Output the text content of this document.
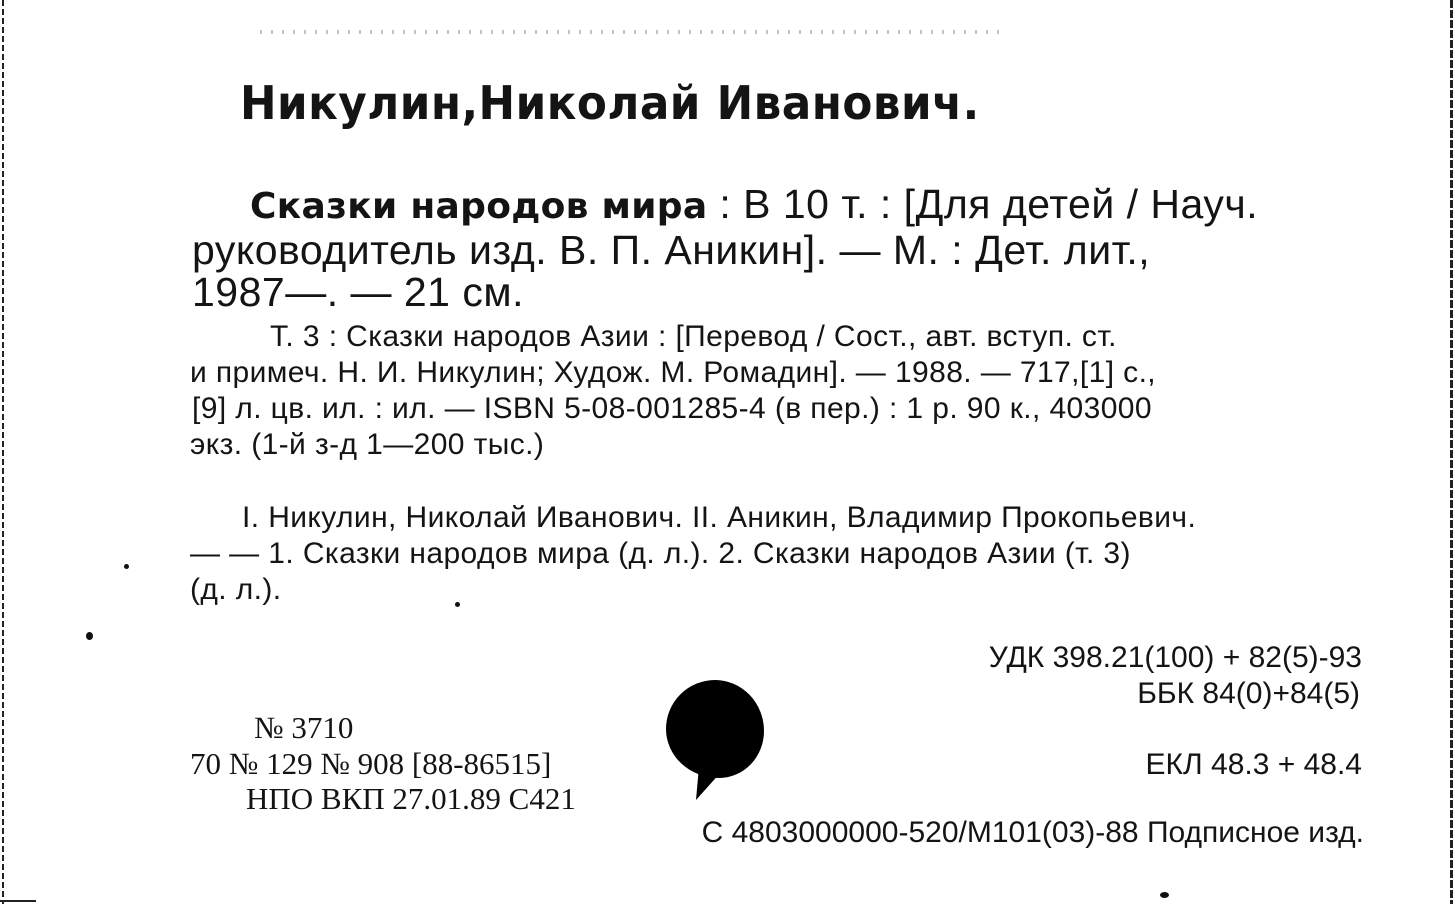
Никулин,Николай Иванович.
Сказки народов мира : В 10 т. : [Для детей / Науч.
руководитель изд. В. П. Аникин]. — М. : Дет. лит.,
1987—. — 21 см.
Т. 3 : Сказки народов Азии : [Перевод / Сост., авт. вступ. ст.
и примеч. Н. И. Никулин; Худож. М. Ромадин]. — 1988. — 717,[1] с.,
[9] л. цв. ил. : ил. — ISBN 5-08-001285-4 (в пер.) : 1 р. 90 к., 403000
экз. (1-й з-д 1—200 тыс.)
I. Никулин, Николай Иванович. II. Аникин, Владимир Прокопьевич.
— — 1. Сказки народов мира (д. л.). 2. Сказки народов Азии (т. 3)
(д. л.).
УДК 398.21(100) + 82(5)-93
ББК 84(0)+84(5)
ЕКЛ 48.3 + 48.4
№ 3710
70 № 129 № 908 [88-86515]
НПО ВКП 27.01.89 С421
С 4803000000-520/М101(03)-88 Подписное изд.
